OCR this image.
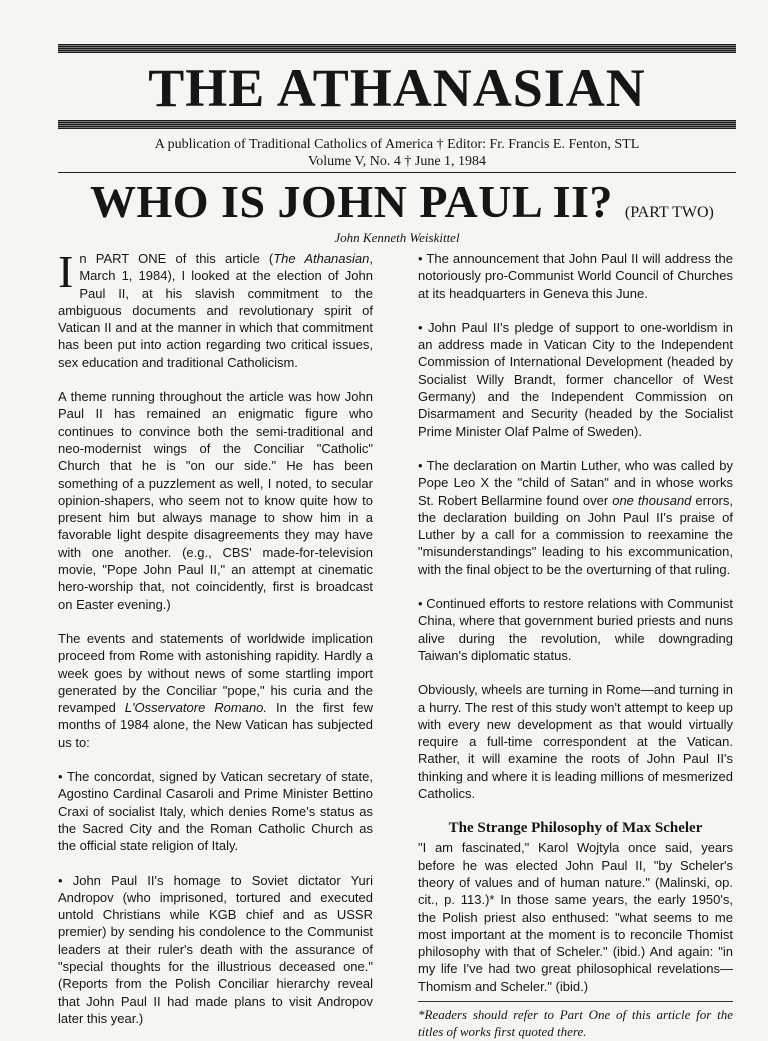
THE ATHANASIAN

A publication of Traditional Catholics of America † Editor: Fr. Francis E. Fenton, STL
Volume V, No. 4 † June 1, 1984

WHO IS JOHN PAUL II? (PART TWO)

John Kenneth Weiskittel

In PART ONE of this article (The Athanasian, March 1, 1984), I looked at the election of John Paul II, at his slavish commitment to the ambiguous documents and revolutionary spirit of Vatican II and at the manner in which that commitment has been put into action regarding two critical issues, sex education and traditional Catholicism.

A theme running throughout the article was how John Paul II has remained an enigmatic figure who continues to convince both the semi-traditional and neo-modernist wings of the Conciliar "Catholic" Church that he is "on our side." He has been something of a puzzlement as well, I noted, to secular opinion-shapers, who seem not to know quite how to present him but always manage to show him in a favorable light despite disagreements they may have with one another. (e.g., CBS' made-for-television movie, "Pope John Paul II," an attempt at cinematic hero-worship that, not coincidently, first is broadcast on Easter evening.)

The events and statements of worldwide implication proceed from Rome with astonishing rapidity. Hardly a week goes by without news of some startling import generated by the Conciliar "pope," his curia and the revamped L'Osservatore Romano. In the first few months of 1984 alone, the New Vatican has subjected us to:

• The concordat, signed by Vatican secretary of state, Agostino Cardinal Casaroli and Prime Minister Bettino Craxi of socialist Italy, which denies Rome's status as the Sacred City and the Roman Catholic Church as the official state religion of Italy.

• John Paul II's homage to Soviet dictator Yuri Andropov (who imprisoned, tortured and executed untold Christians while KGB chief and as USSR premier) by sending his condolence to the Communist leaders at their ruler's death with the assurance of "special thoughts for the illustrious deceased one." (Reports from the Polish Conciliar hierarchy reveal that John Paul II had made plans to visit Andropov later this year.)

• The announcement that John Paul II will address the notoriously pro-Communist World Council of Churches at its headquarters in Geneva this June.

• John Paul II's pledge of support to one-worldism in an address made in Vatican City to the Independent Commission of International Development (headed by Socialist Willy Brandt, former chancellor of West Germany) and the Independent Commission on Disarmament and Security (headed by the Socialist Prime Minister Olaf Palme of Sweden).

• The declaration on Martin Luther, who was called by Pope Leo X the "child of Satan" and in whose works St. Robert Bellarmine found over one thousand errors, the declaration building on John Paul II's praise of Luther by a call for a commission to reexamine the "misunderstandings" leading to his excommunication, with the final object to be the overturning of that ruling.

• Continued efforts to restore relations with Communist China, where that government buried priests and nuns alive during the revolution, while downgrading Taiwan's diplomatic status.

Obviously, wheels are turning in Rome—and turning in a hurry. The rest of this study won't attempt to keep up with every new development as that would virtually require a full-time correspondent at the Vatican. Rather, it will examine the roots of John Paul II's thinking and where it is leading millions of mesmerized Catholics.

The Strange Philosophy of Max Scheler

"I am fascinated," Karol Wojtyla once said, years before he was elected John Paul II, "by Scheler's theory of values and of human nature." (Malinski, op. cit., p. 113.)* In those same years, the early 1950's, the Polish priest also enthused: "what seems to me most important at the moment is to reconcile Thomist philosophy with that of Scheler." (ibid.) And again: "in my life I've had two great philosophical revelations—Thomism and Scheler." (ibid.)

*Readers should refer to Part One of this article for the titles of works first quoted there.
